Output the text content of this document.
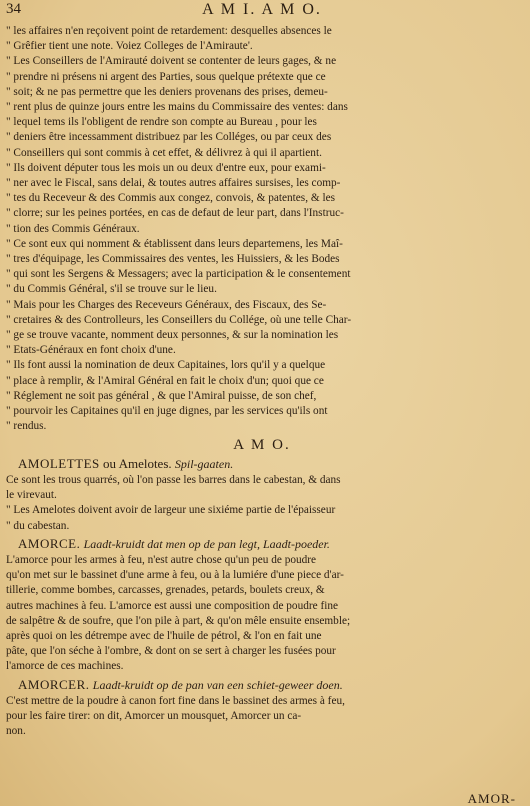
34	A M I. A M O.
" les affaires n'en reçoivent point de retardement: desquelles absences le
" Grêfier tient une note. Voiez Colleges de l'Amiraute'.
" Les Conseillers de l'Amirauté doivent se contenter de leurs gages, & ne
" prendre ni présens ni argent des Parties, sous quelque prétexte que ce
" soit; & ne pas permettre que les deniers provenans des prises, demeu-
" rent plus de quinze jours entre les mains du Commissaire des ventes: dans
" lequel tems ils l'obligent de rendre son compte au Bureau , pour les
" deniers être incessamment distribuez par les Colléges, ou par ceux des
" Conseillers qui sont commis à cet effet, & délivrez à qui il apartient.
" Ils doivent députer tous les mois un ou deux d'entre eux, pour exami-
" ner avec le Fiscal, sans delai, & toutes autres affaires sursises, les comp-
" tes du Receveur & des Commis aux congez, convois, & patentes, & les
" clorre; sur les peines portées, en cas de defaut de leur part, dans l'Instruc-
" tion des Commis Généraux.
" Ce sont eux qui nomment & établissent dans leurs departemens, les Maî-
" tres d'équipage, les Commissaires des ventes, les Huissiers, & les Bodes
" qui sont les Sergens & Messagers; avec la participation & le consentement
" du Commis Général, s'il se trouve sur le lieu.
" Mais pour les Charges des Receveurs Généraux, des Fiscaux, des Se-
" cretaires & des Controlleurs, les Conseillers du Collége, où une telle Char-
" ge se trouve vacante, nomment deux personnes, & sur la nomination les
" Etats-Généraux en font choix d'une.
" Ils font aussi la nomination de deux Capitaines, lors qu'il y a quelque
" place à remplir, & l'Amiral Général en fait le choix d'un; quoi que ce
" Réglement ne soit pas général , & que l'Amiral puisse, de son chef,
" pourvoir les Capitaines qu'il en juge dignes, par les services qu'ils ont
" rendus.
A M O.
AMOLETTES ou Amelotes. Spil-gaaten.
Ce sont les trous quarrés, où l'on passe les barres dans le cabestan, & dans
le virevaut.
" Les Amelotes doivent avoir de largeur une sixiéme partie de l'épaisseur
" du cabestan.
AMORCE. Laadt-kruidt dat men op de pan legt, Laadt-poeder.
L'amorce pour les armes à feu, n'est autre chose qu'un peu de poudre
qu'on met sur le bassinet d'une arme à feu, ou à la lumiére d'une piece d'ar-
tillerie, comme bombes, carcasses, grenades, petards, boulets creux, &
autres machines à feu. L'amorce est aussi une composition de poudre fine
de salpêtre & de soufre, que l'on pile à part, & qu'on mêle ensuite ensemble;
après quoi on les détrempe avec de l'huile de pétrol, & l'on en fait une
pâte, que l'on séche à l'ombre, & dont on se sert à charger les fusées pour
l'amorce de ces machines.
AMORCER. Laadt-kruidt op de pan van een schiet-geweer doen.
C'est mettre de la poudre à canon fort fine dans le bassinet des armes à feu,
pour les faire tirer: on dit, Amorcer un mousquet, Amorcer un ca-
non.
AMOR-
